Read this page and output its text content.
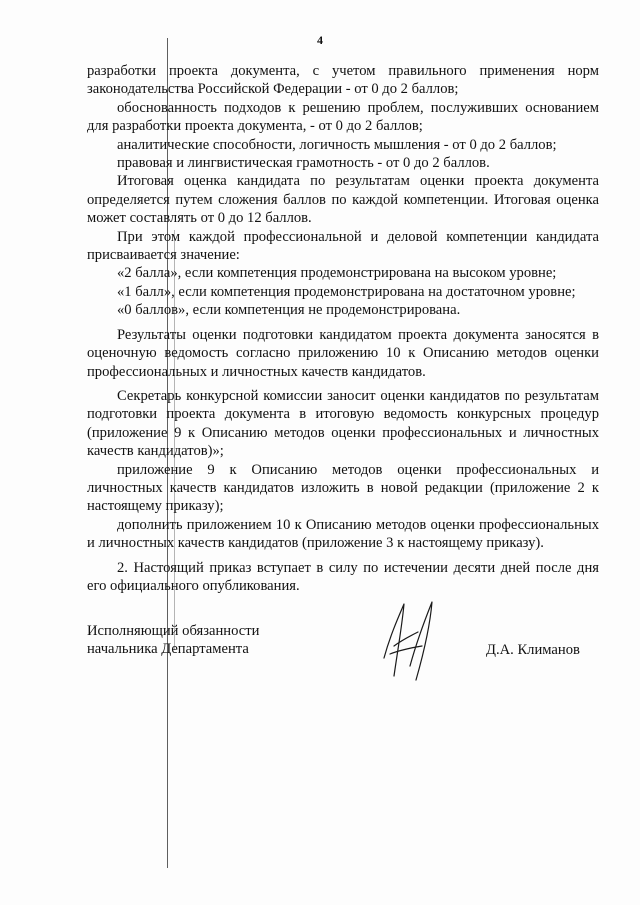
4

разработки проекта документа, с учетом правильного применения норм законодательства Российской Федерации - от 0 до 2 баллов;

обоснованность подходов к решению проблем, послуживших основанием для разработки проекта документа, - от 0 до 2 баллов;

аналитические способности, логичность мышления - от 0 до 2 баллов;

правовая и лингвистическая грамотность - от 0 до 2 баллов.

Итоговая оценка кандидата по результатам оценки проекта документа определяется путем сложения баллов по каждой компетенции. Итоговая оценка может составлять от 0 до 12 баллов.

При этом каждой профессиональной и деловой компетенции кандидата присваивается значение:

«2 балла», если компетенция продемонстрирована на высоком уровне;

«1 балл», если компетенция продемонстрирована на достаточном уровне;

«0 баллов», если компетенция не продемонстрирована.

Результаты оценки подготовки кандидатом проекта документа заносятся в оценочную ведомость согласно приложению 10 к Описанию методов оценки профессиональных и личностных качеств кандидатов.

Секретарь конкурсной комиссии заносит оценки кандидатов по результатам подготовки проекта документа в итоговую ведомость конкурсных процедур (приложение 9 к Описанию методов оценки профессиональных и личностных качеств кандидатов)»;

приложение 9 к Описанию методов оценки профессиональных и личностных качеств кандидатов изложить в новой редакции (приложение 2 к настоящему приказу);

дополнить приложением 10 к Описанию методов оценки профессиональных и личностных качеств кандидатов (приложение 3 к настоящему приказу).

2. Настоящий приказ вступает в силу по истечении десяти дней после дня его официального опубликования.

Исполняющий обязанности
начальника Департамента	Д.А. Климанов
